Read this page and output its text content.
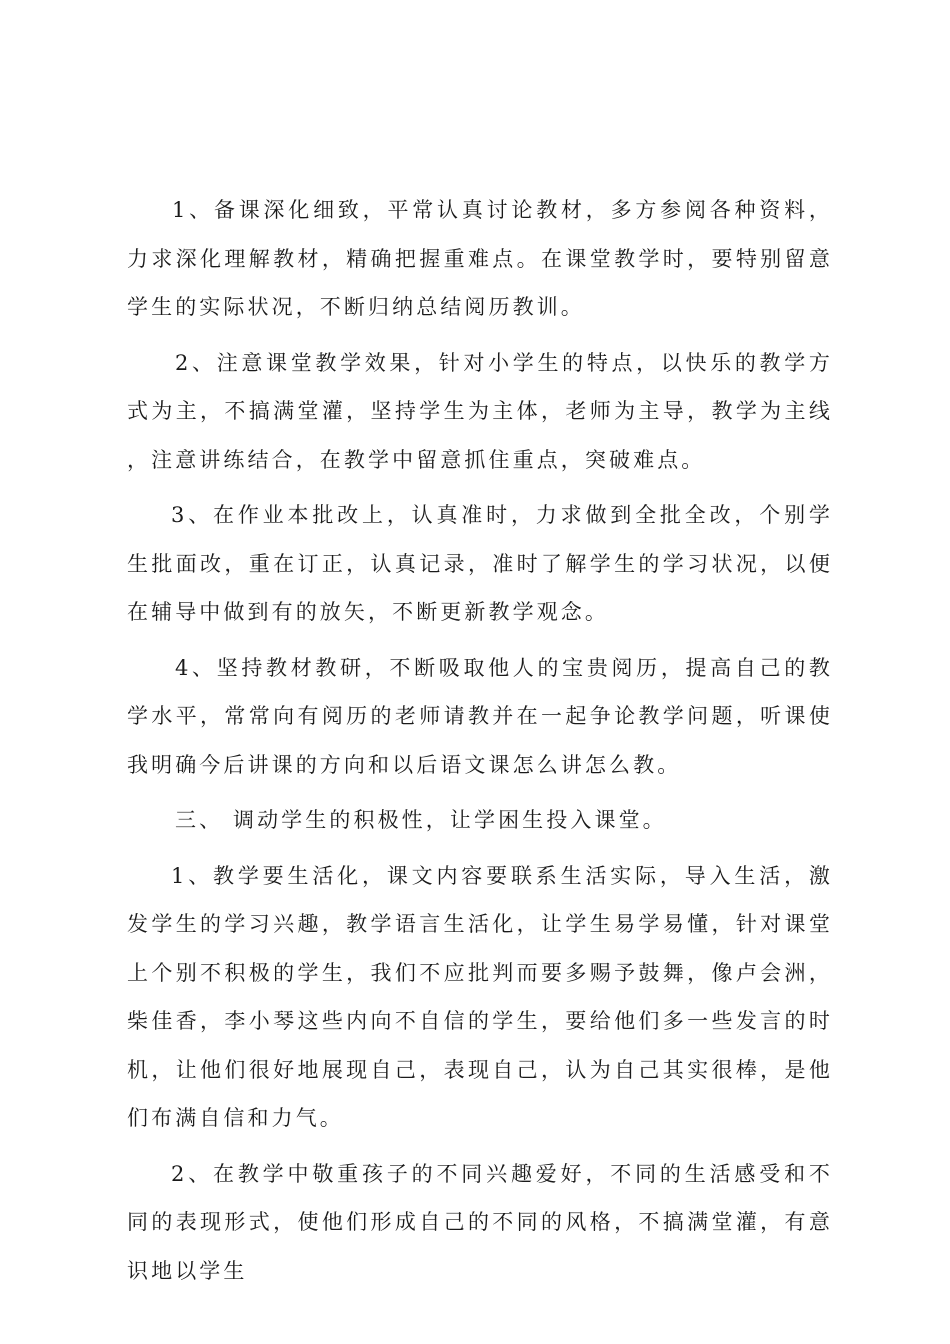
1、备课深化细致，平常认真讨论教材，多方参阅各种资料，力求深化理解教材，精确把握重难点。在课堂教学时，要特别留意学生的实际状况，不断归纳总结阅历教训。

2、注意课堂教学效果，针对小学生的特点，以快乐的教学方式为主，不搞满堂灌，坚持学生为主体，老师为主导，教学为主线，注意讲练结合，在教学中留意抓住重点，突破难点。

3、在作业本批改上，认真准时，力求做到全批全改，个别学生批面改，重在订正，认真记录，准时了解学生的学习状况，以便在辅导中做到有的放矢，不断更新教学观念。

4、坚持教材教研，不断吸取他人的宝贵阅历，提高自己的教学水平，常常向有阅历的老师请教并在一起争论教学问题，听课使我明确今后讲课的方向和以后语文课怎么讲怎么教。

三、 调动学生的积极性，让学困生投入课堂。

1、教学要生活化，课文内容要联系生活实际，导入生活，激发学生的学习兴趣，教学语言生活化，让学生易学易懂，针对课堂上个别不积极的学生，我们不应批判而要多赐予鼓舞，像卢会洲，柴佳香，李小琴这些内向不自信的学生，要给他们多一些发言的时机，让他们很好地展现自己，表现自己，认为自己其实很棒，是他们布满自信和力气。

2、在教学中敬重孩子的不同兴趣爱好，不同的生活感受和不同的表现形式，使他们形成自己的不同的风格，不搞满堂灌，有意识地以学生
